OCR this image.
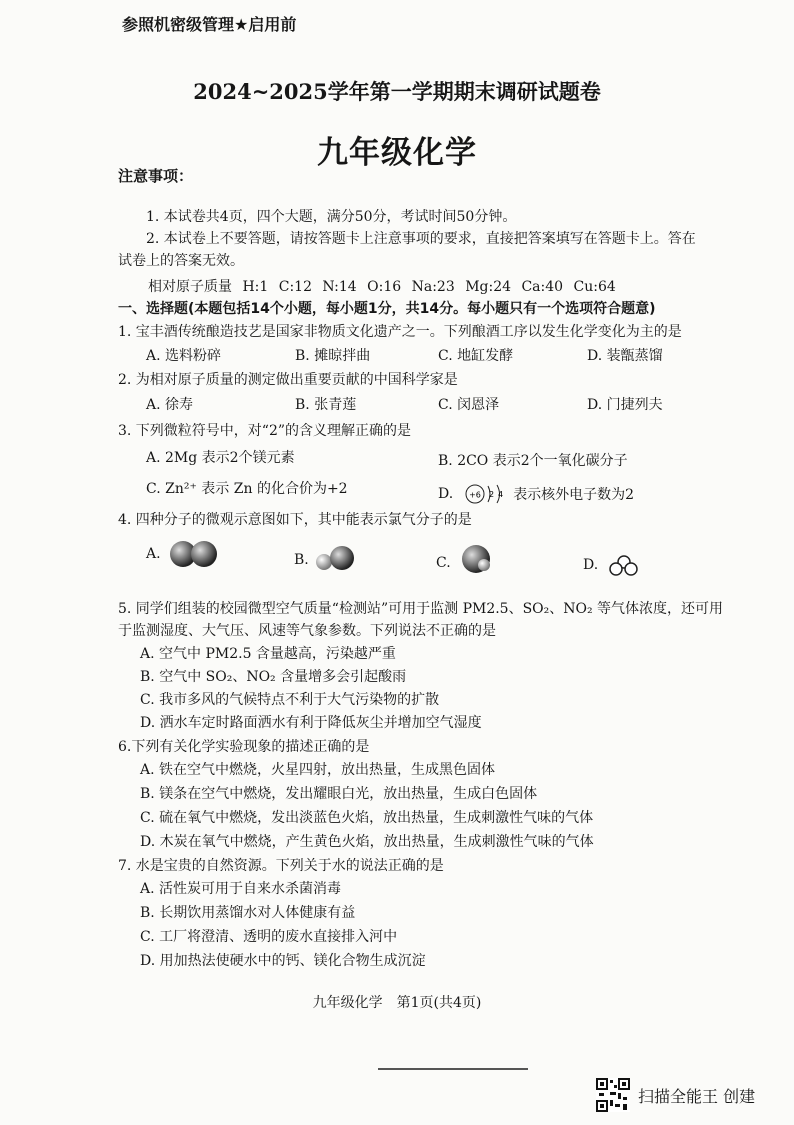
参照机密级管理★启用前
2024~2025学年第一学期期末调研试题卷
九年级化学
注意事项：
1. 本试卷共4页，四个大题，满分50分，考试时间50分钟。
2. 本试卷上不要答题，请按答题卡上注意事项的要求，直接把答案填写在答题卡上。答在
试卷上的答案无效。
相对原子质量 H:1 C:12 N:14 O:16 Na:23 Mg:24 Ca:40 Cu:64
一、选择题(本题包括14个小题，每小题1分，共14分。每小题只有一个选项符合题意)
1. 宝丰酒传统酿造技艺是国家非物质文化遗产之一。下列酿酒工序以发生化学变化为主的是
A. 选料粉碎	B. 摊晾拌曲	C. 地缸发酵	D. 装甑蒸馏
2. 为相对原子质量的测定做出重要贡献的中国科学家是
A. 徐寿	B. 张青莲	C. 闵恩泽	D. 门捷列夫
3. 下列微粒符号中，对“2”的含义理解正确的是
A. 2Mg 表示2个镁元素	B. 2CO 表示2个一氧化碳分子
C. Zn²⁺ 表示 Zn 的化合价为+2	D. +6 2 4 表示核外电子数为2
4. 四种分子的微观示意图如下，其中能表示氯气分子的是
A.	B.	C.	D.
5. 同学们组装的校园微型空气质量“检测站”可用于监测 PM2.5、SO₂、NO₂ 等气体浓度，还可用
于监测湿度、大气压、风速等气象参数。下列说法不正确的是
A. 空气中 PM2.5 含量越高，污染越严重
B. 空气中 SO₂、NO₂ 含量增多会引起酸雨
C. 我市多风的气候特点不利于大气污染物的扩散
D. 洒水车定时路面洒水有利于降低灰尘并增加空气湿度
6.下列有关化学实验现象的描述正确的是
A. 铁在空气中燃烧，火星四射，放出热量，生成黑色固体
B. 镁条在空气中燃烧，发出耀眼白光，放出热量，生成白色固体
C. 硫在氧气中燃烧，发出淡蓝色火焰，放出热量，生成刺激性气味的气体
D. 木炭在氧气中燃烧，产生黄色火焰，放出热量，生成刺激性气味的气体
7. 水是宝贵的自然资源。下列关于水的说法正确的是
A. 活性炭可用于自来水杀菌消毒
B. 长期饮用蒸馏水对人体健康有益
C. 工厂将澄清、透明的废水直接排入河中
D. 用加热法使硬水中的钙、镁化合物生成沉淀
九年级化学　第1页(共4页)
扫描全能王 创建
